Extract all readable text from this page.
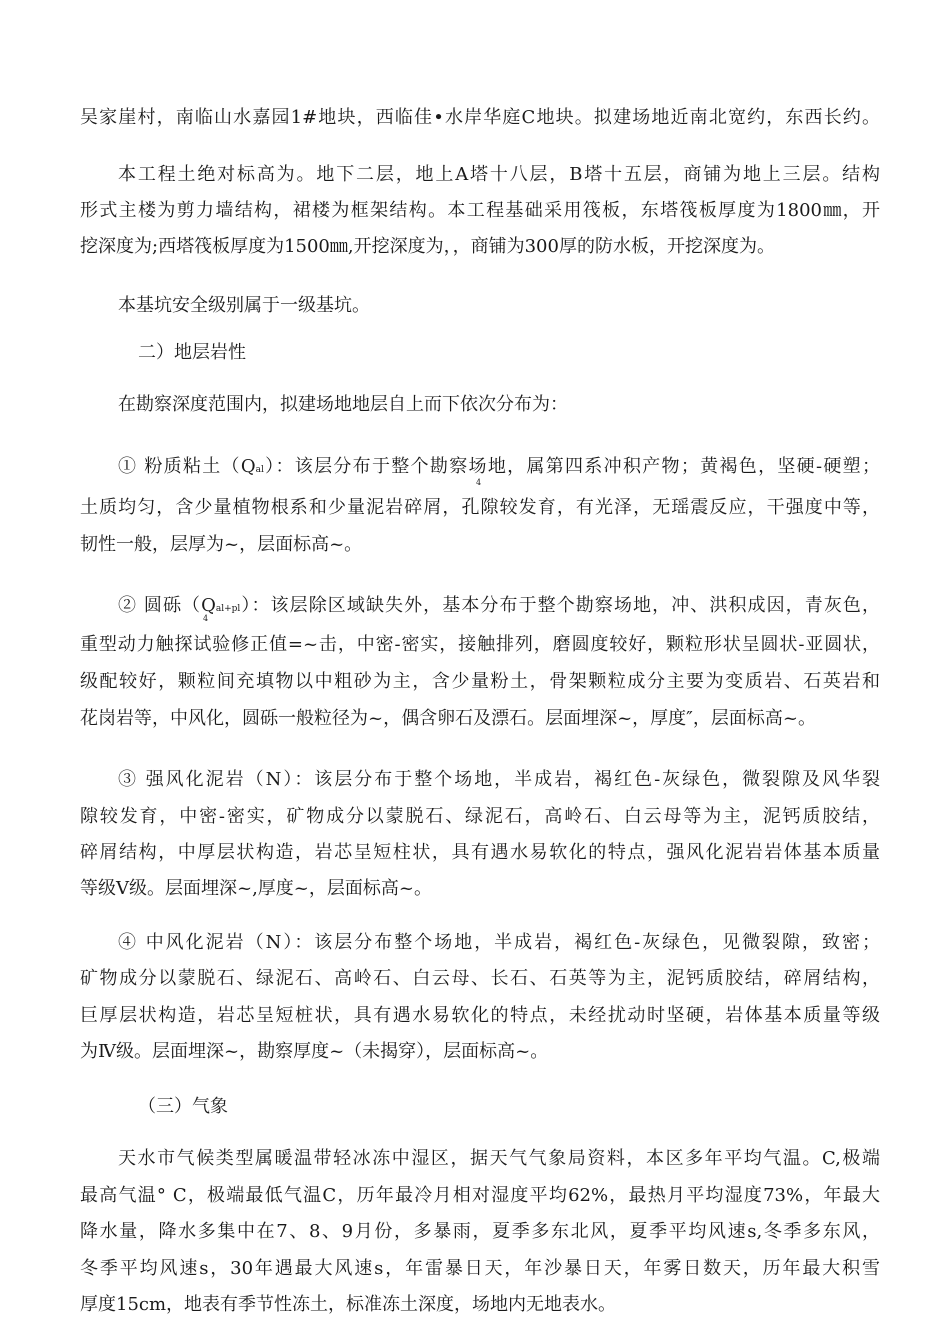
吴家崖村，南临山水嘉园1#地块，西临佳•水岸华庭C地块。拟建场地近南北宽约，东西长约。
本工程土绝对标高为。地下二层，地上A塔十八层，B塔十五层，商铺为地上三层。结构
形式主楼为剪力墙结构，裙楼为框架结构。本工程基础采用筏板，东塔筏板厚度为1800㎜，开
挖深度为;西塔筏板厚度为1500㎜,开挖深度为，，商铺为300厚的防水板，开挖深度为。
本基坑安全级别属于一级基坑。
二）地层岩性
在勘察深度范围内，拟建场地地层自上而下依次分布为：
① 粉质粘土（Qal）：该层分布于整个勘察场地，属第四系冲积产物；黄褐色，坚硬-硬塑；
4
土质均匀，含少量植物根系和少量泥岩碎屑，孔隙较发育，有光泽，无瑶震反应，干强度中等，
韧性一般，层厚为~，层面标高~。
② 圆砾（Qal+pl）：该层除区域缺失外，基本分布于整个勘察场地，冲、洪积成因，青灰色，
4
重型动力触探试验修正值=~击，中密-密实，接触排列，磨圆度较好，颗粒形状呈圆状-亚圆状，
级配较好，颗粒间充填物以中粗砂为主，含少量粉土，骨架颗粒成分主要为变质岩、石英岩和
花岗岩等，中风化，圆砾一般粒径为~，偶含卵石及漂石。层面埋深~，厚度″，层面标高~。
③ 强风化泥岩（N）：该层分布于整个场地，半成岩，褐红色-灰绿色，微裂隙及风华裂
隙较发育，中密-密实，矿物成分以蒙脱石、绿泥石，高岭石、白云母等为主，泥钙质胶结，
碎屑结构，中厚层状构造，岩芯呈短柱状，具有遇水易软化的特点，强风化泥岩岩体基本质量
等级Ⅴ级。层面埋深~,厚度~，层面标高~。
④ 中风化泥岩（N）：该层分布整个场地，半成岩，褐红色-灰绿色，见微裂隙，致密；
矿物成分以蒙脱石、绿泥石、高岭石、白云母、长石、石英等为主，泥钙质胶结，碎屑结构，
巨厚层状构造，岩芯呈短桩状，具有遇水易软化的特点，未经扰动时坚硬，岩体基本质量等级
为Ⅳ级。层面埋深~，勘察厚度~（未揭穿），层面标高~。
（三）气象
天水市气候类型属暖温带轻冰冻中湿区，据天气气象局资料，本区多年平均气温。C,极端
最高气温° C，极端最低气温C，历年最冷月相对湿度平均62%，最热月平均湿度73%，年最大
降水量，降水多集中在7、8、9月份，多暴雨，夏季多东北风，夏季平均风速s,冬季多东风，
冬季平均风速s，30年遇最大风速s，年雷暴日天，年沙暴日天，年雾日数天，历年最大积雪
厚度15cm，地表有季节性冻土，标准冻土深度，场地内无地表水。
